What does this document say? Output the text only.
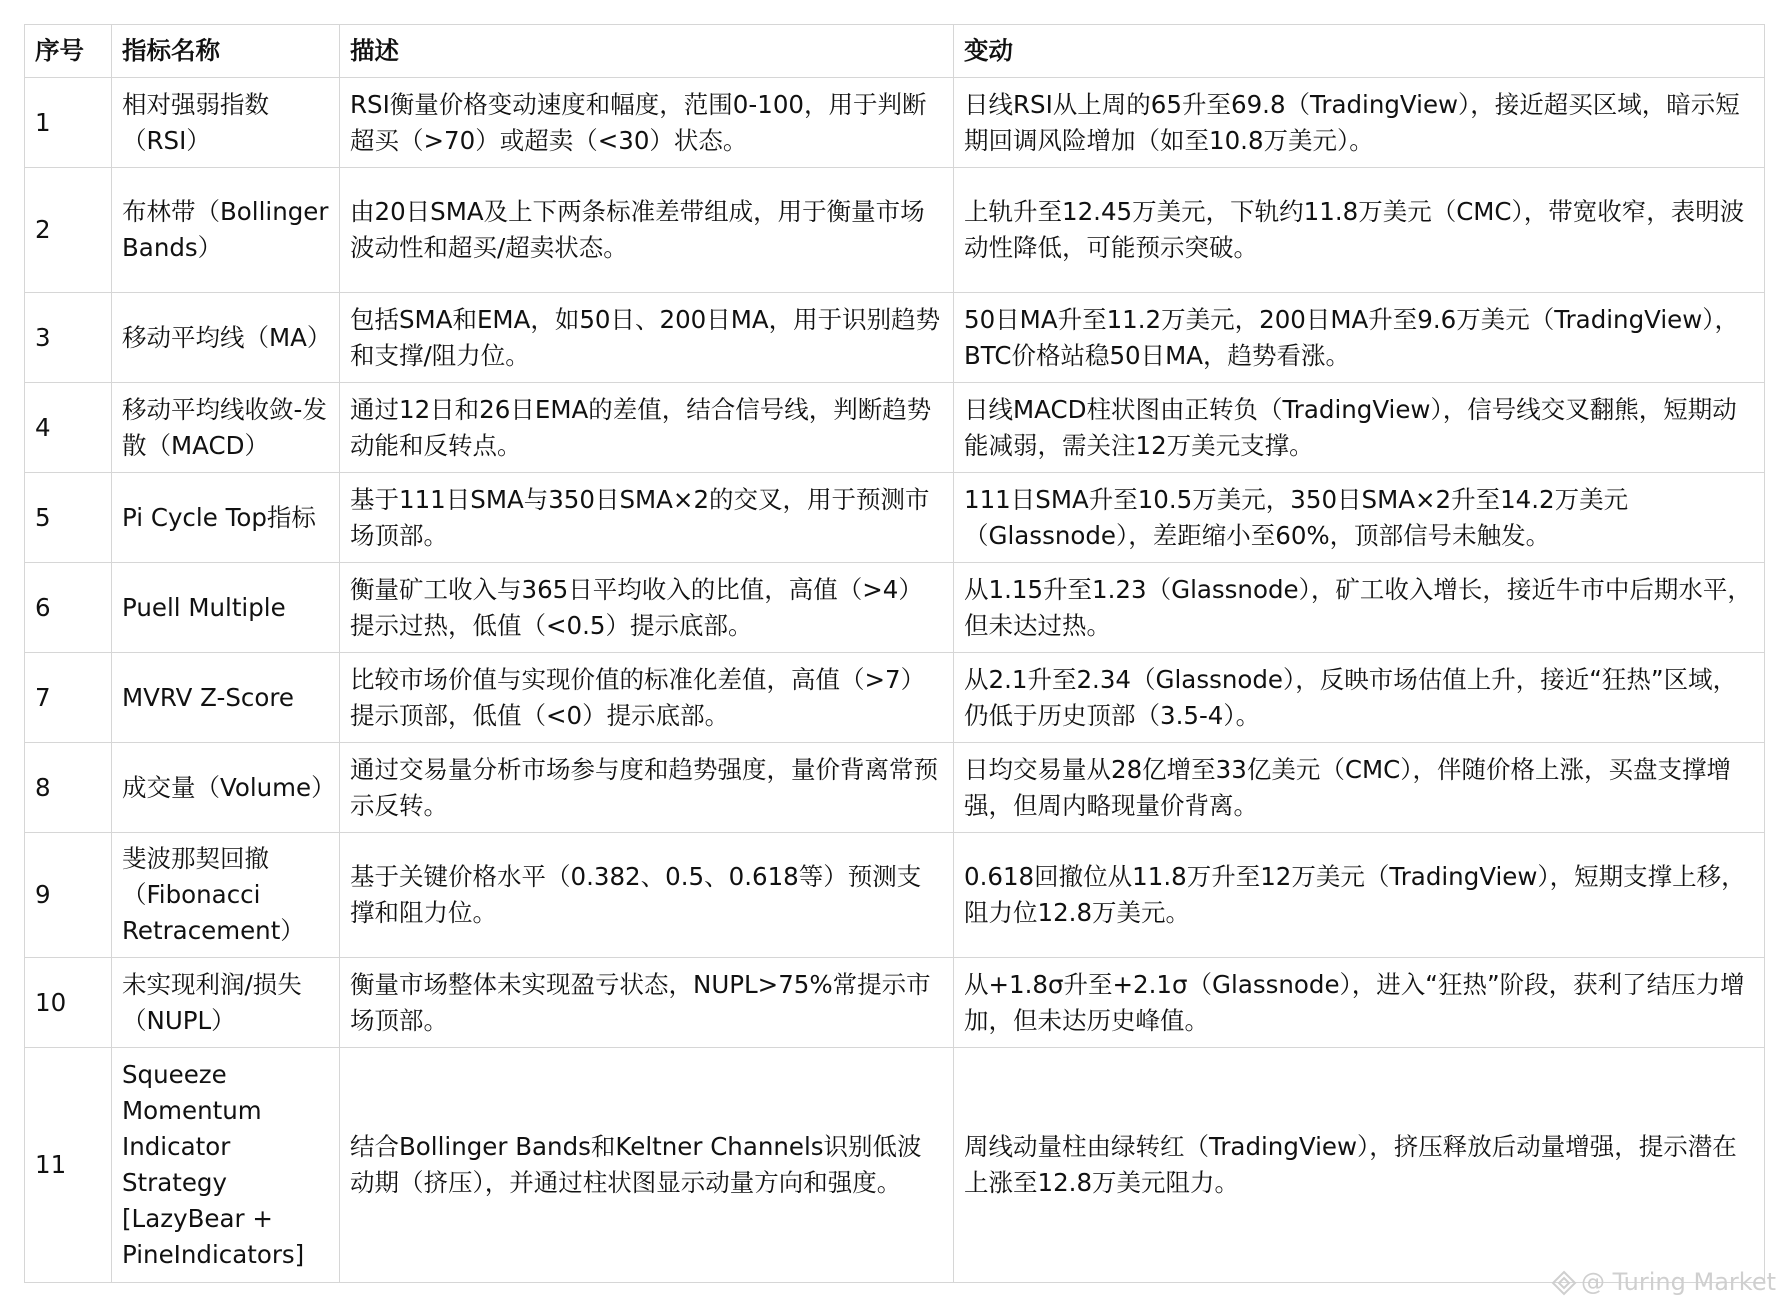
序号	指标名称	描述	变动
1	相对强弱指数（RSI）	RSI衡量价格变动速度和幅度，范围0-100，用于判断超买（>70）或超卖（<30）状态。	日线RSI从上周的65升至69.8（TradingView），接近超买区域，暗示短期回调风险增加（如至10.8万美元）。
2	布林带（Bollinger Bands）	由20日SMA及上下两条标准差带组成，用于衡量市场波动性和超买/超卖状态。	上轨升至12.45万美元，下轨约11.8万美元（CMC），带宽收窄，表明波动性降低，可能预示突破。
3	移动平均线（MA）	包括SMA和EMA，如50日、200日MA，用于识别趋势和支撑/阻力位。	50日MA升至11.2万美元，200日MA升至9.6万美元（TradingView），BTC价格站稳50日MA，趋势看涨。
4	移动平均线收敛-发散（MACD）	通过12日和26日EMA的差值，结合信号线，判断趋势动能和反转点。	日线MACD柱状图由正转负（TradingView），信号线交叉翻熊，短期动能减弱，需关注12万美元支撑。
5	Pi Cycle Top指标	基于111日SMA与350日SMA×2的交叉，用于预测市场顶部。	111日SMA升至10.5万美元，350日SMA×2升至14.2万美元（Glassnode），差距缩小至60%，顶部信号未触发。
6	Puell Multiple	衡量矿工收入与365日平均收入的比值，高值（>4）提示过热，低值（<0.5）提示底部。	从1.15升至1.23（Glassnode），矿工收入增长，接近牛市中后期水平，但未达过热。
7	MVRV Z-Score	比较市场价值与实现价值的标准化差值，高值（>7）提示顶部，低值（<0）提示底部。	从2.1升至2.34（Glassnode），反映市场估值上升，接近“狂热”区域，仍低于历史顶部（3.5-4）。
8	成交量（Volume）	通过交易量分析市场参与度和趋势强度，量价背离常预示反转。	日均交易量从28亿增至33亿美元（CMC），伴随价格上涨，买盘支撑增强，但周内略现量价背离。
9	斐波那契回撤（Fibonacci Retracement）	基于关键价格水平（0.382、0.5、0.618等）预测支撑和阻力位。	0.618回撤位从11.8万升至12万美元（TradingView），短期支撑上移，阻力位12.8万美元。
10	未实现利润/损失（NUPL）	衡量市场整体未实现盈亏状态，NUPL>75%常提示市场顶部。	从+1.8σ升至+2.1σ（Glassnode），进入“狂热”阶段，获利了结压力增加，但未达历史峰值。
11	Squeeze Momentum Indicator Strategy [LazyBear + PineIndicators]	结合Bollinger Bands和Keltner Channels识别低波动期（挤压），并通过柱状图显示动量方向和强度。	周线动量柱由绿转红（TradingView），挤压释放后动量增强，提示潜在上涨至12.8万美元阻力。
@ Turing Market
